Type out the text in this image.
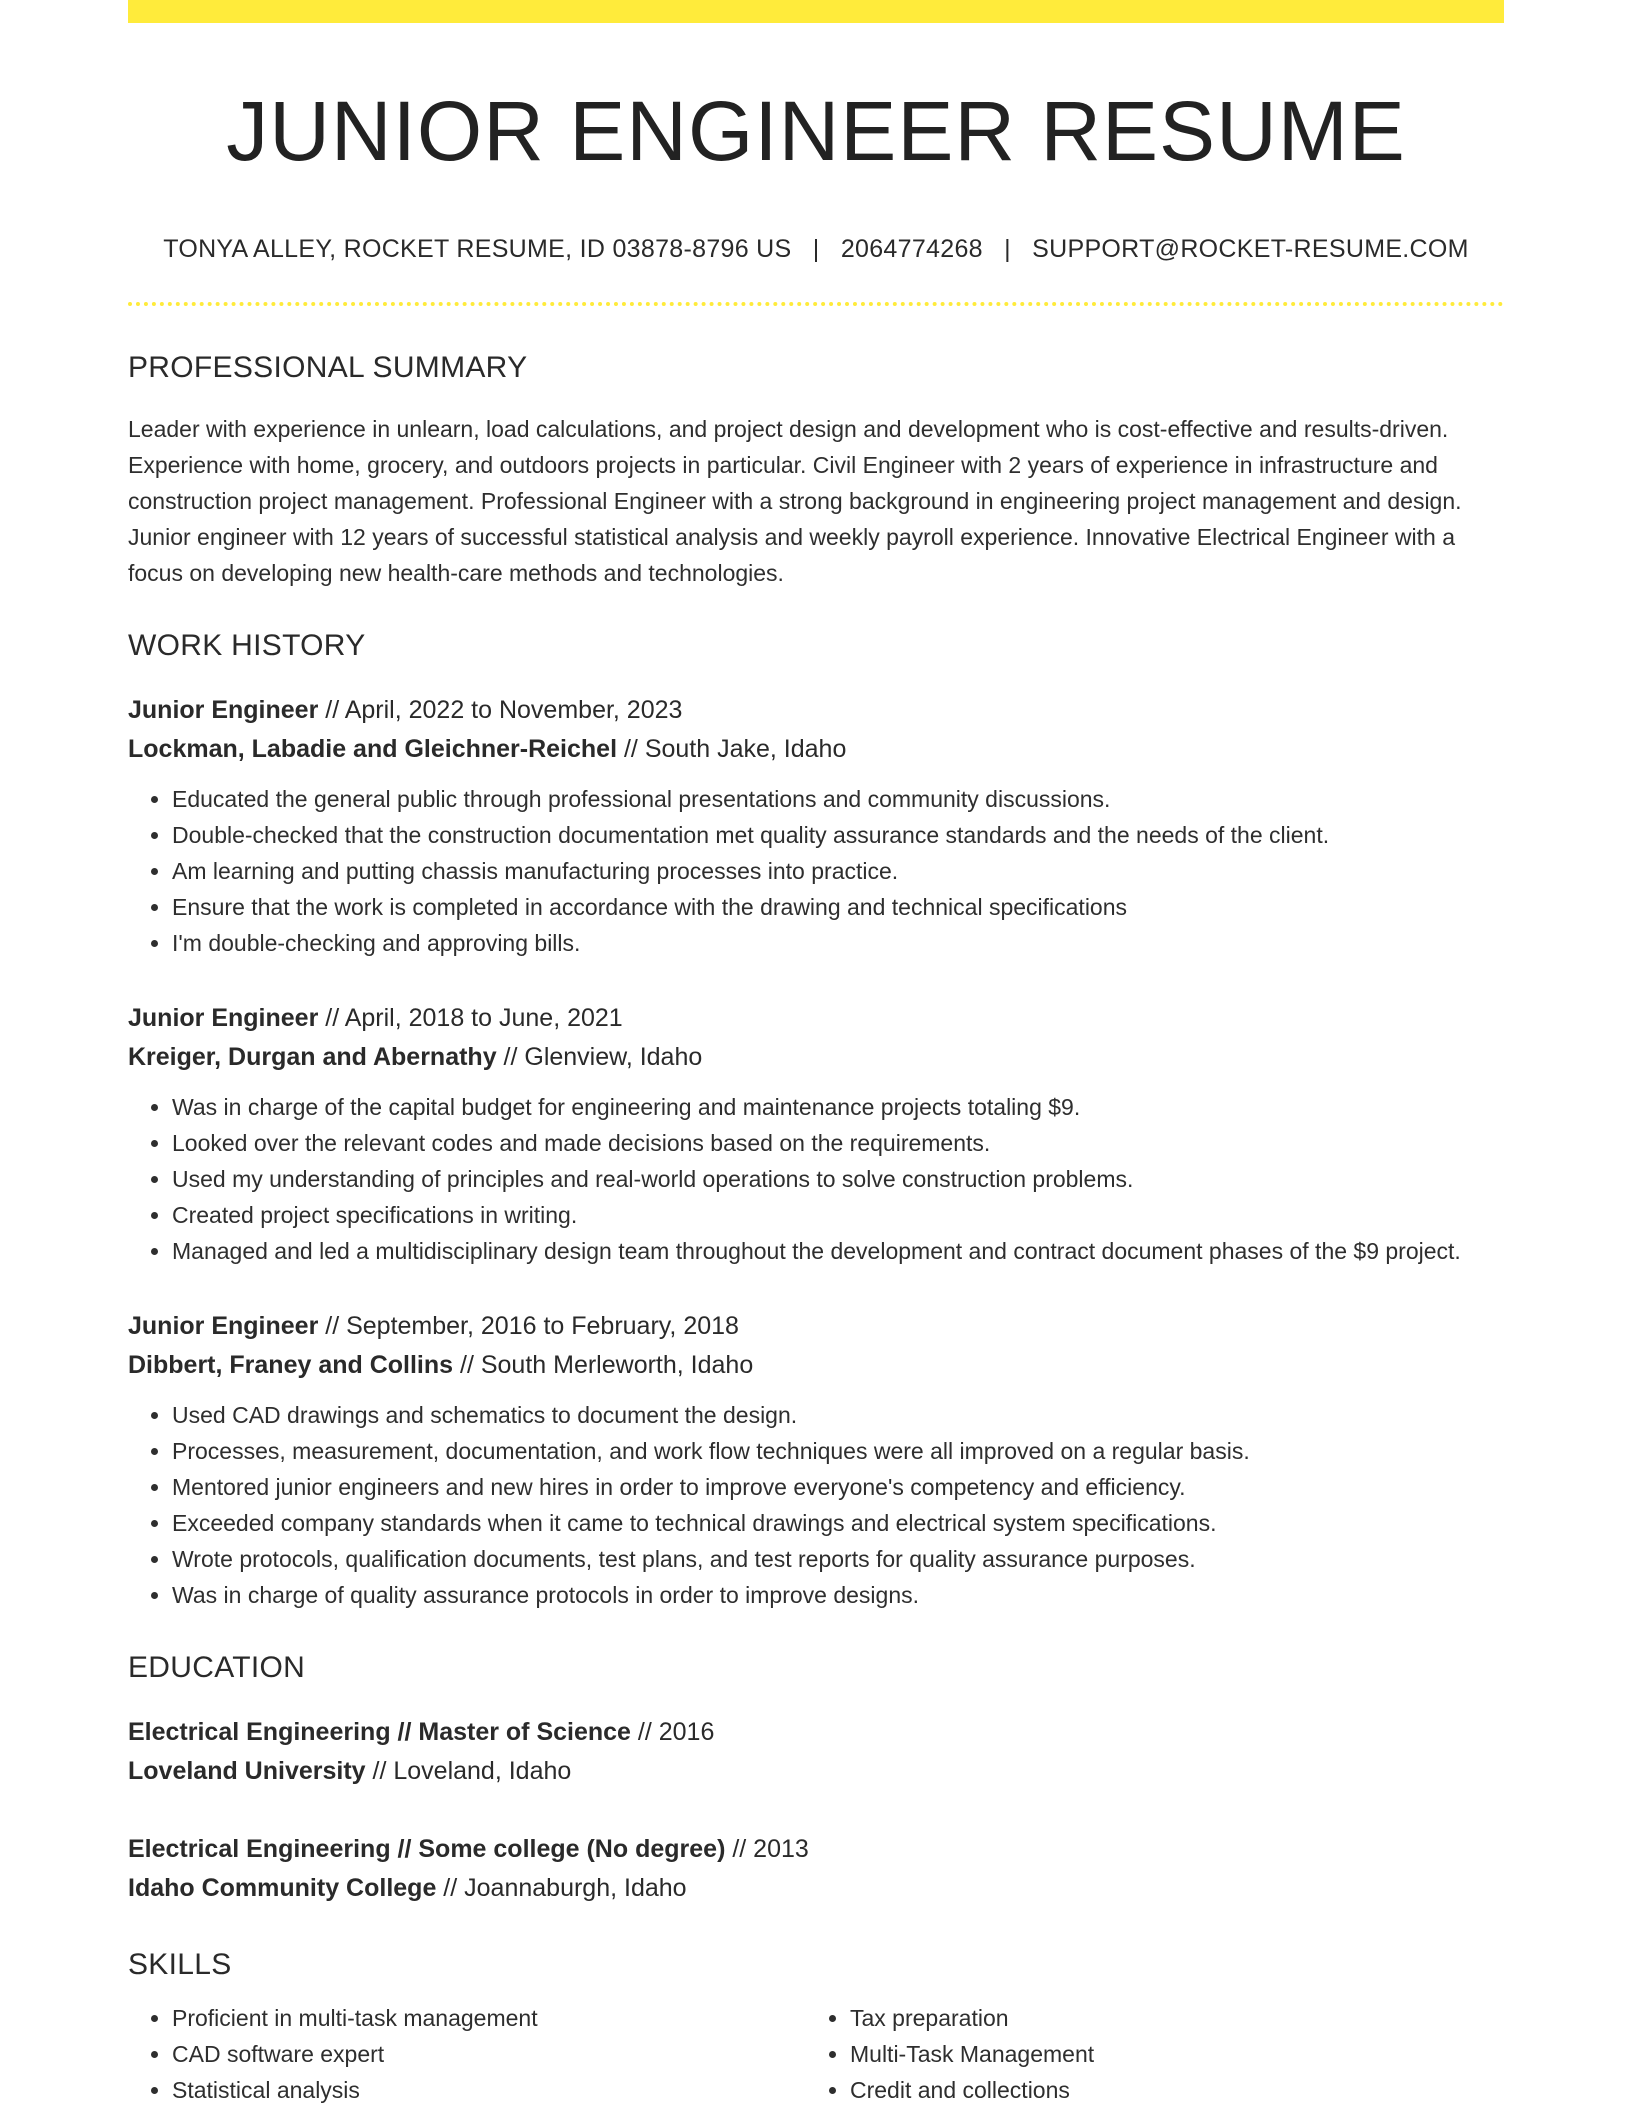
JUNIOR ENGINEER RESUME
TONYA ALLEY, ROCKET RESUME, ID 03878-8796 US | 2064774268 | SUPPORT@ROCKET-RESUME.COM
PROFESSIONAL SUMMARY
Leader with experience in unlearn, load calculations, and project design and development who is cost-effective and results-driven. Experience with home, grocery, and outdoors projects in particular. Civil Engineer with 2 years of experience in infrastructure and construction project management. Professional Engineer with a strong background in engineering project management and design. Junior engineer with 12 years of successful statistical analysis and weekly payroll experience. Innovative Electrical Engineer with a focus on developing new health-care methods and technologies.
WORK HISTORY
Junior Engineer // April, 2022 to November, 2023
Lockman, Labadie and Gleichner-Reichel // South Jake, Idaho
• Educated the general public through professional presentations and community discussions.
• Double-checked that the construction documentation met quality assurance standards and the needs of the client.
• Am learning and putting chassis manufacturing processes into practice.
• Ensure that the work is completed in accordance with the drawing and technical specifications
• I'm double-checking and approving bills.
Junior Engineer // April, 2018 to June, 2021
Kreiger, Durgan and Abernathy // Glenview, Idaho
• Was in charge of the capital budget for engineering and maintenance projects totaling $9.
• Looked over the relevant codes and made decisions based on the requirements.
• Used my understanding of principles and real-world operations to solve construction problems.
• Created project specifications in writing.
• Managed and led a multidisciplinary design team throughout the development and contract document phases of the $9 project.
Junior Engineer // September, 2016 to February, 2018
Dibbert, Franey and Collins // South Merleworth, Idaho
• Used CAD drawings and schematics to document the design.
• Processes, measurement, documentation, and work flow techniques were all improved on a regular basis.
• Mentored junior engineers and new hires in order to improve everyone's competency and efficiency.
• Exceeded company standards when it came to technical drawings and electrical system specifications.
• Wrote protocols, qualification documents, test plans, and test reports for quality assurance purposes.
• Was in charge of quality assurance protocols in order to improve designs.
EDUCATION
Electrical Engineering // Master of Science // 2016
Loveland University // Loveland, Idaho
Electrical Engineering // Some college (No degree) // 2013
Idaho Community College // Joannaburgh, Idaho
SKILLS
• Proficient in multi-task management
• CAD software expert
• Statistical analysis
• Tax preparation
• Multi-Task Management
• Credit and collections
